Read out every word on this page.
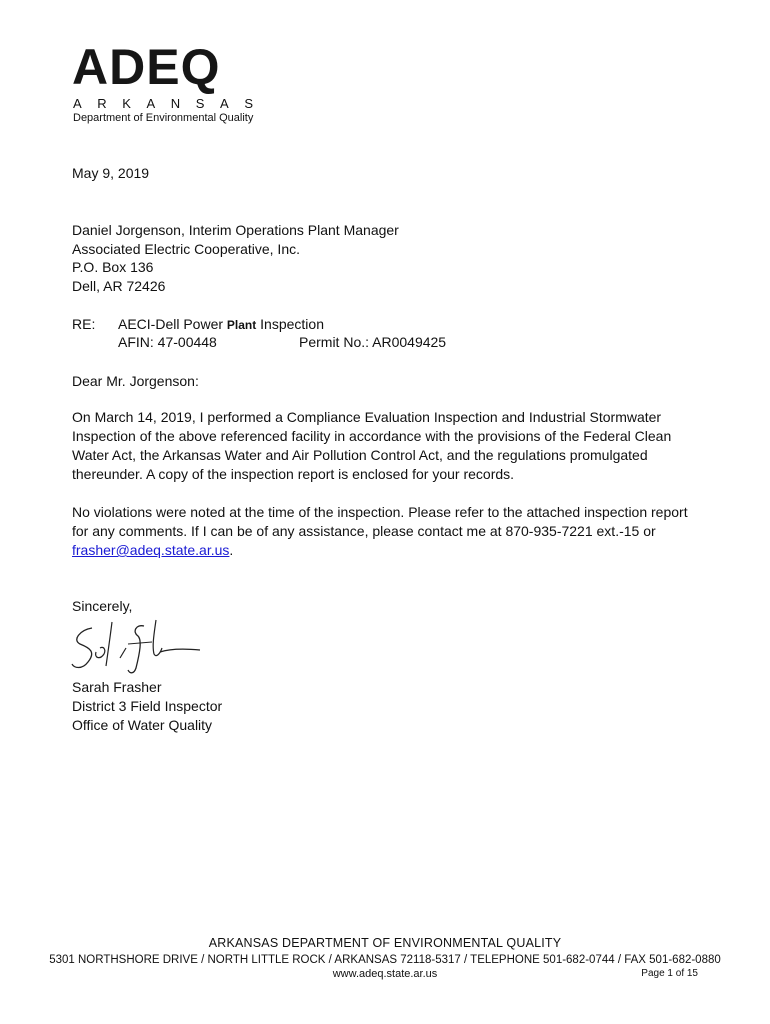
ADEQ
ARKANSAS
Department of Environmental Quality
May 9, 2019
Daniel Jorgenson, Interim Operations Plant Manager
Associated Electric Cooperative, Inc.
P.O. Box 136
Dell, AR 72426
RE: AECI-Dell Power Plant Inspection
AFIN: 47-00448	Permit No.: AR0049425
Dear Mr. Jorgenson:
On March 14, 2019, I performed a Compliance Evaluation Inspection and Industrial Stormwater
Inspection of the above referenced facility in accordance with the provisions of the Federal Clean
Water Act, the Arkansas Water and Air Pollution Control Act, and the regulations promulgated
thereunder. A copy of the inspection report is enclosed for your records.
No violations were noted at the time of the inspection. Please refer to the attached inspection report
for any comments. If I can be of any assistance, please contact me at 870-935-7221 ext.-15 or
frasher@adeq.state.ar.us.
Sincerely,
Sarah Frasher
District 3 Field Inspector
Office of Water Quality
ARKANSAS DEPARTMENT OF ENVIRONMENTAL QUALITY
5301 NORTHSHORE DRIVE / NORTH LITTLE ROCK / ARKANSAS 72118-5317 / TELEPHONE 501-682-0744 / FAX 501-682-0880
www.adeq.state.ar.us	Page 1 of 15
